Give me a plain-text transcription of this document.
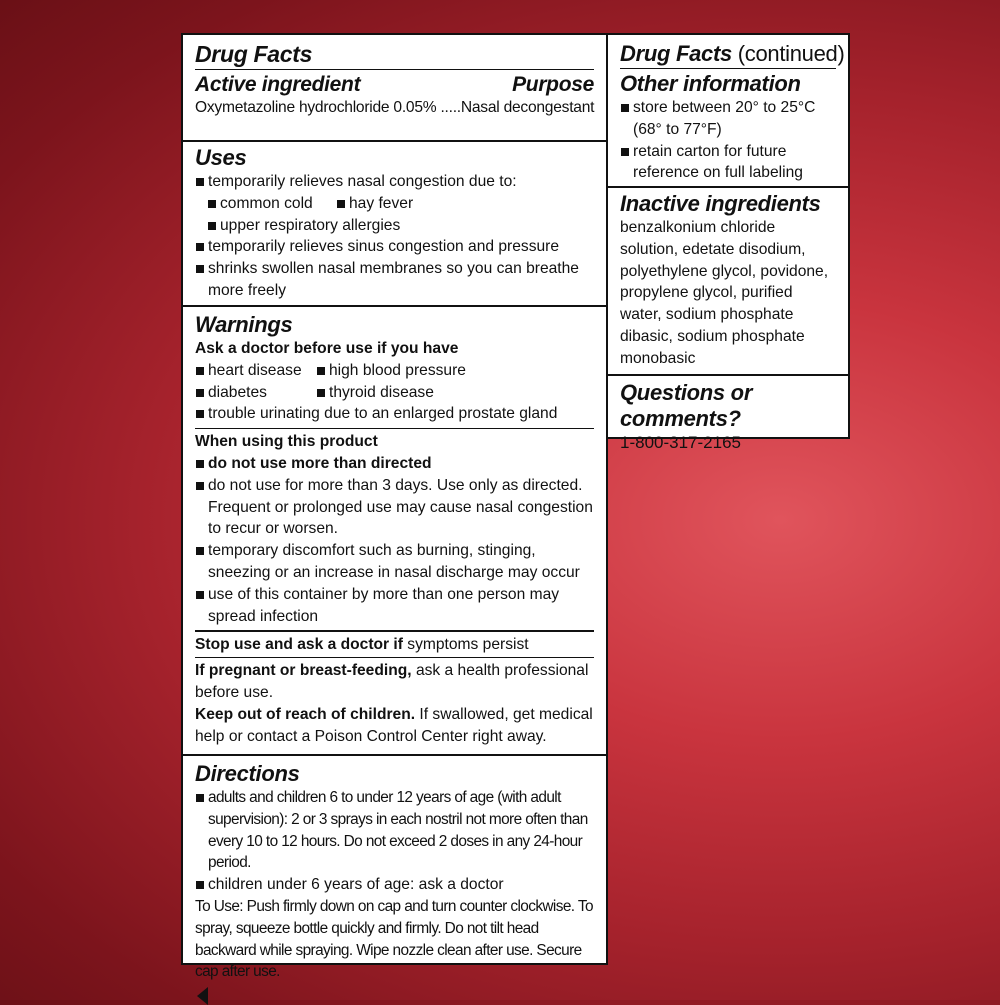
Drug Facts
Active ingredient	Purpose
Oxymetazoline hydrochloride 0.05% .....Nasal decongestant
Uses
temporarily relieves nasal congestion due to:
common cold	hay fever
upper respiratory allergies
temporarily relieves sinus congestion and pressure
shrinks swollen nasal membranes so you can breathe more freely
Warnings
Ask a doctor before use if you have
heart disease	high blood pressure
diabetes	thyroid disease
trouble urinating due to an enlarged prostate gland
When using this product
do not use more than directed
do not use for more than 3 days. Use only as directed. Frequent or prolonged use may cause nasal congestion to recur or worsen.
temporary discomfort such as burning, stinging, sneezing or an increase in nasal discharge may occur
use of this container by more than one person may spread infection
Stop use and ask a doctor if symptoms persist
If pregnant or breast-feeding, ask a health professional before use.
Keep out of reach of children. If swallowed, get medical help or contact a Poison Control Center right away.
Directions
adults and children 6 to under 12 years of age (with adult supervision): 2 or 3 sprays in each nostril not more often than every 10 to 12 hours. Do not exceed 2 doses in any 24-hour period.
children under 6 years of age: ask a doctor
To Use: Push firmly down on cap and turn counter clockwise. To spray, squeeze bottle quickly and firmly. Do not tilt head backward while spraying. Wipe nozzle clean after use. Secure cap after use.
Drug Facts (continued)
Other information
store between 20° to 25°C (68° to 77°F)
retain carton for future reference on full labeling
Inactive ingredients
benzalkonium chloride solution, edetate disodium, polyethylene glycol, povidone, propylene glycol, purified water, sodium phosphate dibasic, sodium phosphate monobasic
Questions or comments?
1-800-317-2165
